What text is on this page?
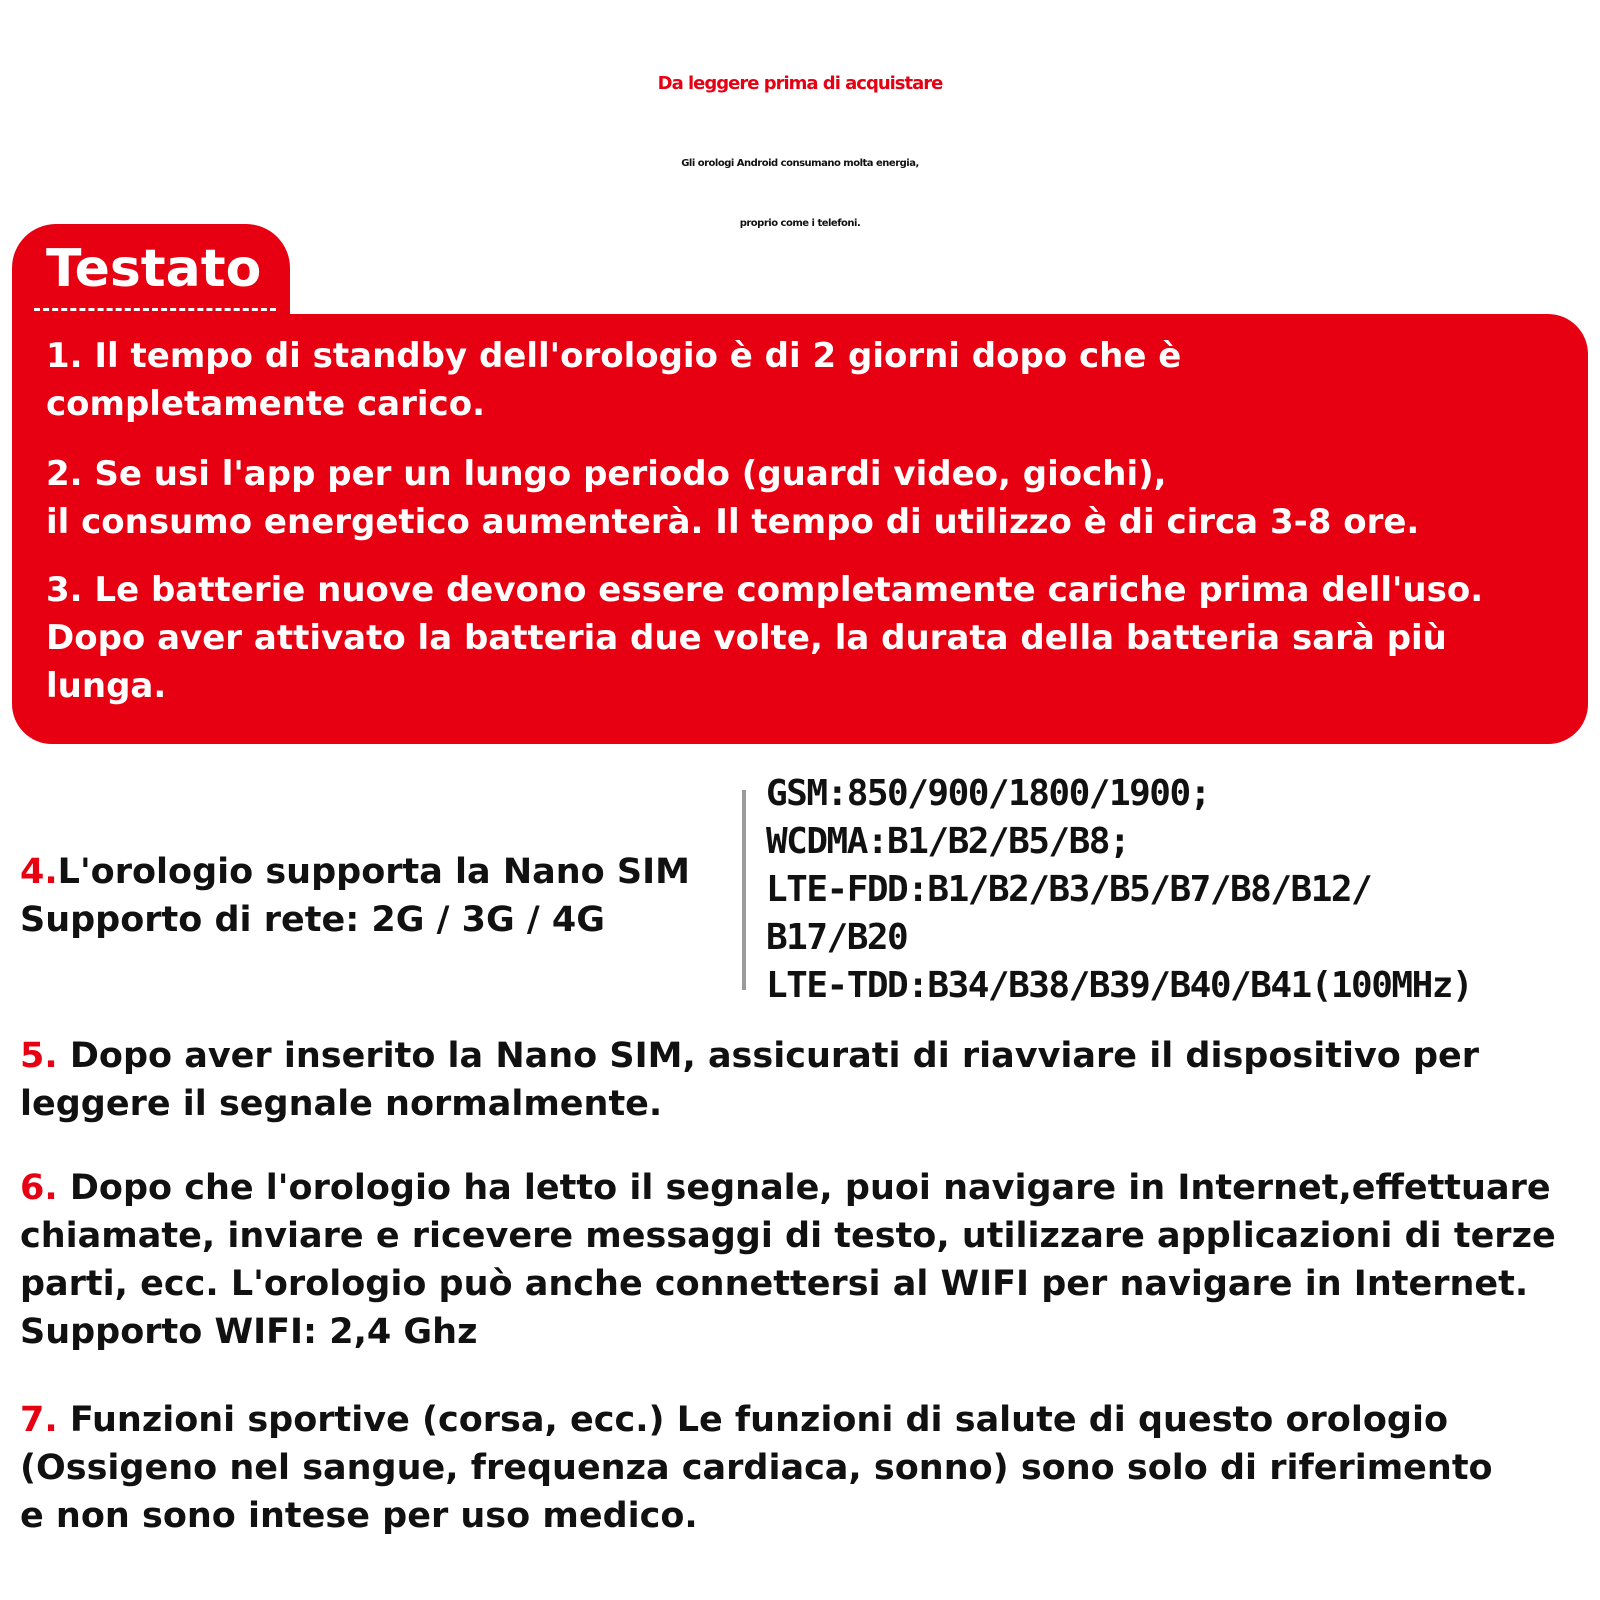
Da leggere prima di acquistare
Gli orologi Android consumano molta energia,
proprio come i telefoni.
Testato

1. Il tempo di standby dell'orologio è di 2 giorni dopo che è
completamente carico.

2. Se usi l'app per un lungo periodo (guardi video, giochi),
il consumo energetico aumenterà. Il tempo di utilizzo è di circa 3-8 ore.

3. Le batterie nuove devono essere completamente cariche prima dell'uso.
Dopo aver attivato la batteria due volte, la durata della batteria sarà più
lunga.

4.L'orologio supporta la Nano SIM
Supporto di rete: 2G / 3G / 4G

GSM:850/900/1800/1900;
WCDMA:B1/B2/B5/B8;
LTE-FDD:B1/B2/B3/B5/B7/B8/B12/
B17/B20
LTE-TDD:B34/B38/B39/B40/B41(100MHz)

5. Dopo aver inserito la Nano SIM, assicurati di riavviare il dispositivo per
leggere il segnale normalmente.

6. Dopo che l'orologio ha letto il segnale, puoi navigare in Internet,effettuare
chiamate, inviare e ricevere messaggi di testo, utilizzare applicazioni di terze
parti, ecc. L'orologio può anche connettersi al WIFI per navigare in Internet.
Supporto WIFI: 2,4 Ghz

7. Funzioni sportive (corsa, ecc.) Le funzioni di salute di questo orologio
(Ossigeno nel sangue, frequenza cardiaca, sonno) sono solo di riferimento
e non sono intese per uso medico.
